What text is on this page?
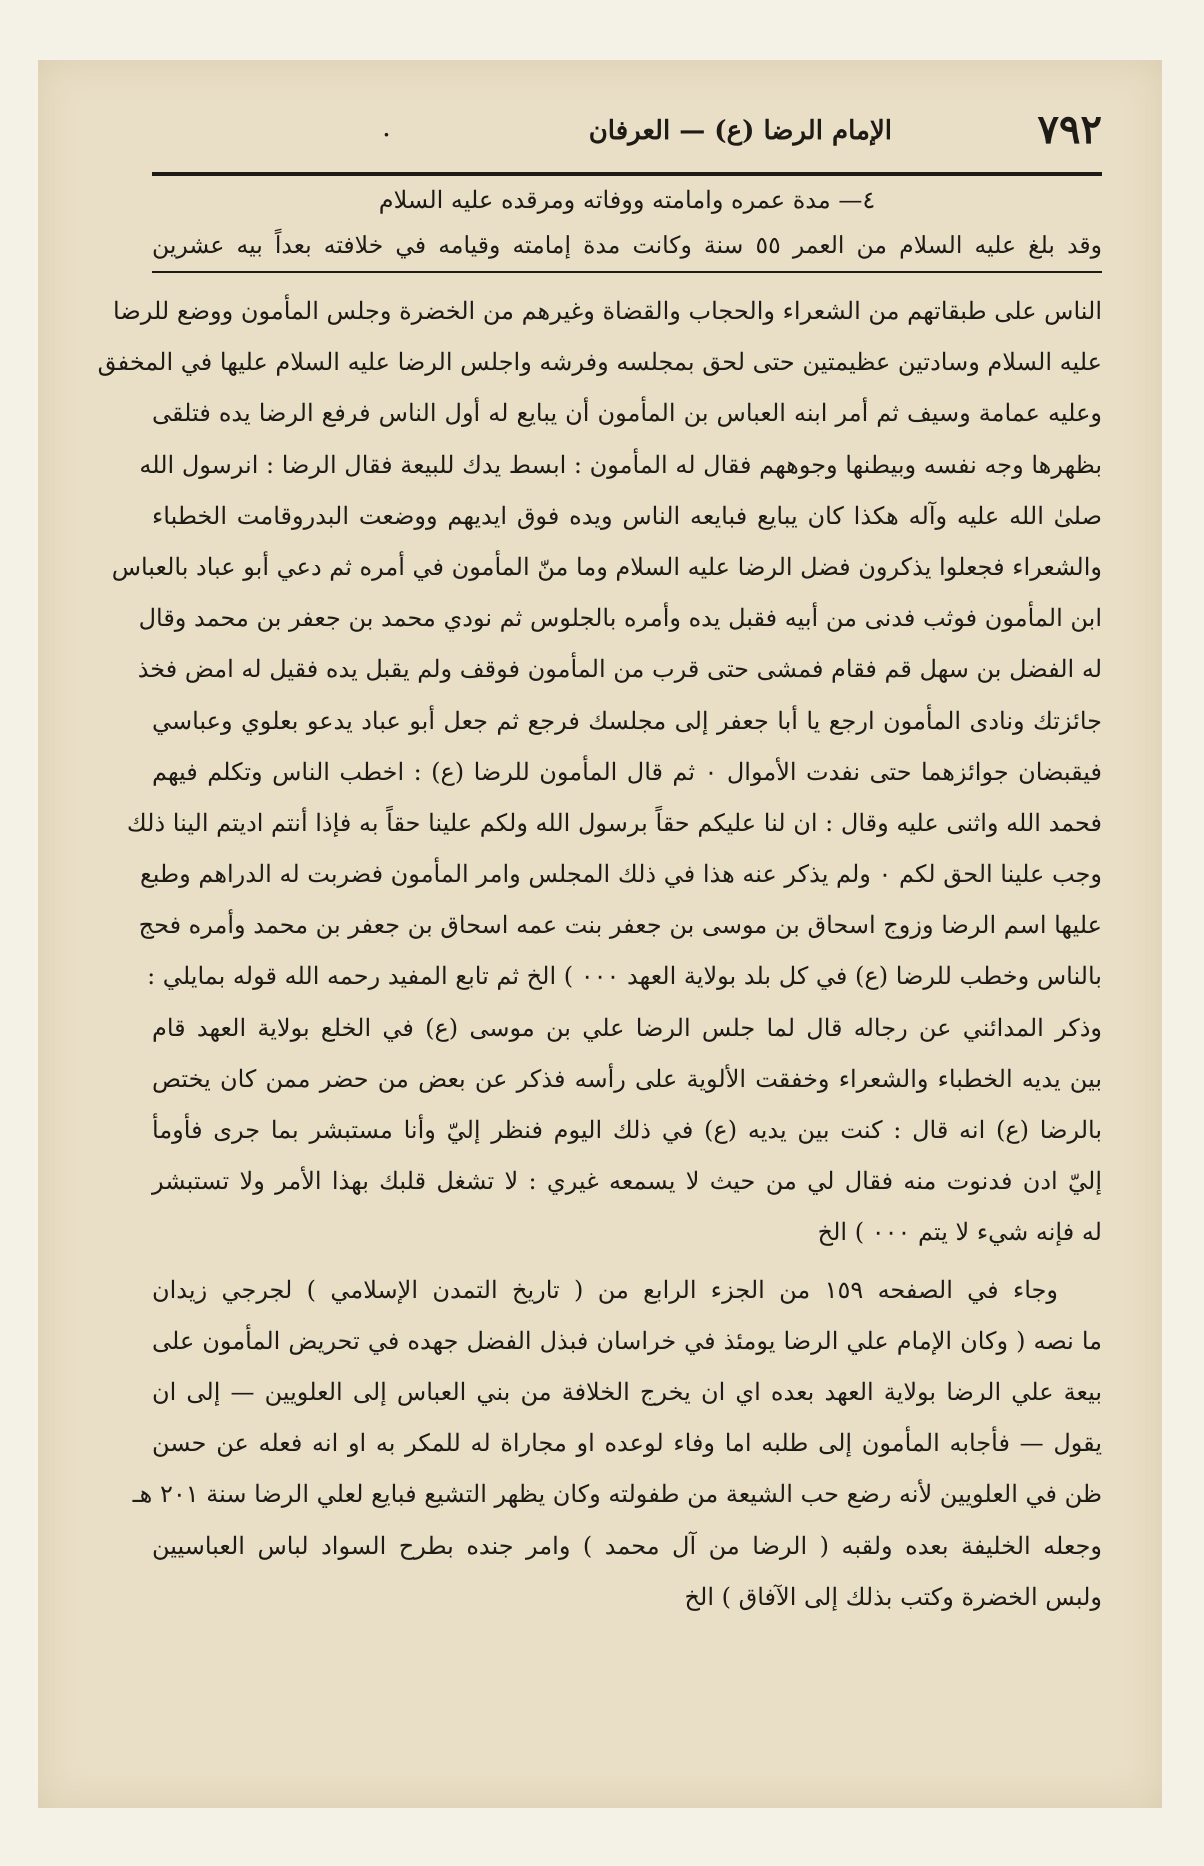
٧٩٢
الإمام الرضا (ع) — العرفان
.
٤— مدة عمره وامامته ووفاته ومرقده عليه السلام
وقد بلغ عليه السلام من العمر ٥٥ سنة وكانت مدة إمامته وقيامه في خلافته بعداً بيه عشرين
الناس على طبقاتهم من الشعراء والحجاب والقضاة وغيرهم من الخضرة وجلس المأمون ووضع للرضا
عليه السلام وسادتين عظيمتين حتى لحق بمجلسه وفرشه واجلس الرضا عليه السلام عليها في المخفق
وعليه عمامة وسيف ثم أمر ابنه العباس بن المأمون أن يبايع له أول الناس فرفع الرضا يده فتلقى
بظهرها وجه نفسه وبيطنها وجوههم فقال له المأمون : ابسط يدك للبيعة فقال الرضا : انرسول الله
صلىٰ الله عليه وآله هكذا كان يبايع فبايعه الناس ويده فوق ايديهم ووضعت البدروقامت الخطباء
والشعراء فجعلوا يذكرون فضل الرضا عليه السلام وما منّ المأمون في أمره ثم دعي أبو عباد بالعباس
ابن المأمون فوثب فدنى من أبيه فقبل يده وأمره بالجلوس ثم نودي محمد بن جعفر بن محمد وقال
له الفضل بن سهل قم فقام فمشى حتى قرب من المأمون فوقف ولم يقبل يده فقيل له امض فخذ
جائزتك ونادى المأمون ارجع يا أبا جعفر إلى مجلسك فرجع ثم جعل أبو عباد يدعو بعلوي وعباسي
فيقبضان جوائزهما حتى نفدت الأموال ٠ ثم قال المأمون للرضا (ع) : اخطب الناس وتكلم فيهم
فحمد الله واثنى عليه وقال : ان لنا عليكم حقاً برسول الله ولكم علينا حقاً به فإذا أنتم اديتم الينا ذلك
وجب علينا الحق لكم ٠ ولم يذكر عنه هذا في ذلك المجلس وامر المأمون فضربت له الدراهم وطبع
عليها اسم الرضا وزوج اسحاق بن موسى بن جعفر بنت عمه اسحاق بن جعفر بن محمد وأمره فحج
بالناس وخطب للرضا (ع) في كل بلد بولاية العهد ٠٠٠ ) الخ ثم تابع المفيد رحمه الله قوله بمايلي :
وذكر المدائني عن رجاله قال لما جلس الرضا علي بن موسى (ع) في الخلع بولاية العهد قام
بين يديه الخطباء والشعراء وخفقت الألوية على رأسه فذكر عن بعض من حضر ممن كان يختص
بالرضا (ع) انه قال : كنت بين يديه (ع) في ذلك اليوم فنظر إليّ وأنا مستبشر بما جرى فأومأ
إليّ ادن فدنوت منه فقال لي من حيث لا يسمعه غيري : لا تشغل قلبك بهذا الأمر ولا تستبشر
له فإنه شيء لا يتم ٠٠٠ ) الخ
وجاء في الصفحه ١٥٩ من الجزء الرابع من ( تاريخ التمدن الإسلامي ) لجرجي زيدان
ما نصه ( وكان الإمام علي الرضا يومئذ في خراسان فبذل الفضل جهده في تحريض المأمون على
بيعة علي الرضا بولاية العهد بعده اي ان يخرج الخلافة من بني العباس إلى العلويين — إلى ان
يقول — فأجابه المأمون إلى طلبه اما وفاء لوعده او مجاراة له للمكر به او انه فعله عن حسن
ظن في العلويين لأنه رضع حب الشيعة من طفولته وكان يظهر التشيع فبايع لعلي الرضا سنة ٢٠١ هـ
وجعله الخليفة بعده ولقبه ( الرضا من آل محمد ) وامر جنده بطرح السواد لباس العباسيين
ولبس الخضرة وكتب بذلك إلى الآفاق ) الخ
